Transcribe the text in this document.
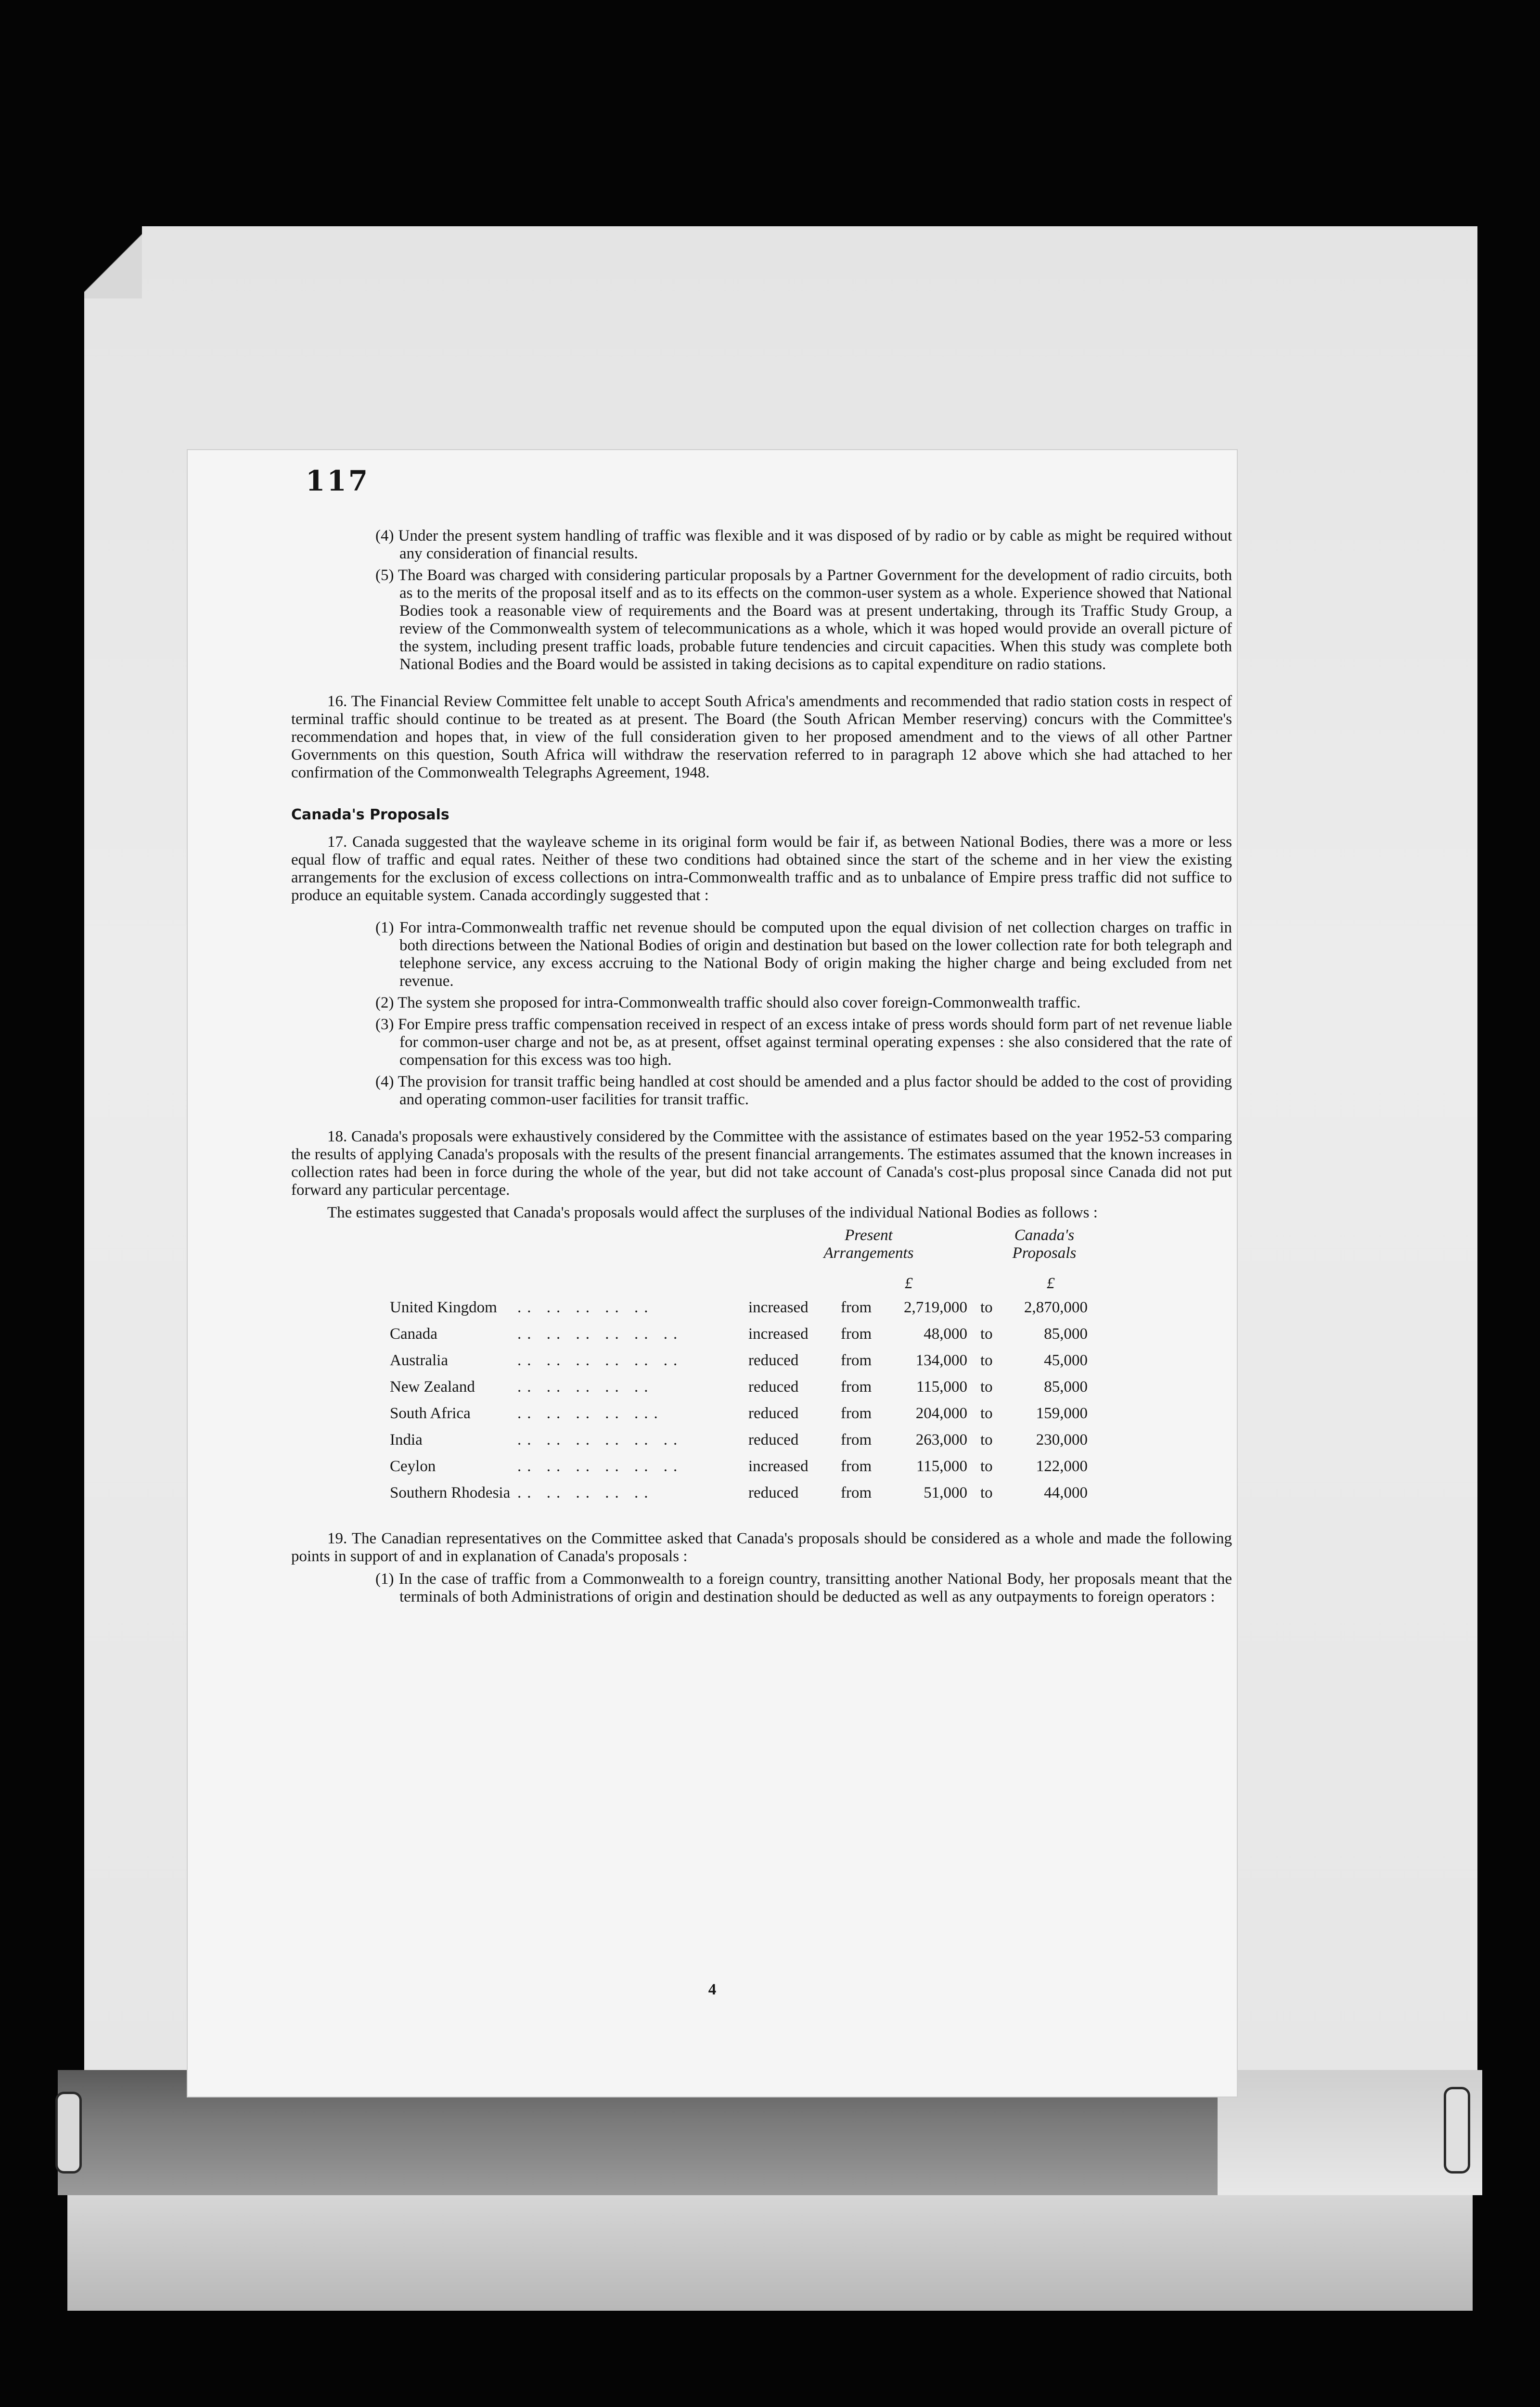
117
(4) Under the present system handling of traffic was flexible and it was disposed of by radio or by cable as might be required without any consideration of financial results.
(5) The Board was charged with considering particular proposals by a Partner Government for the development of radio circuits, both as to the merits of the proposal itself and as to its effects on the common-user system as a whole. Experience showed that National Bodies took a reasonable view of requirements and the Board was at present undertaking, through its Traffic Study Group, a review of the Commonwealth system of telecommunications as a whole, which it was hoped would provide an overall picture of the system, including present traffic loads, probable future tendencies and circuit capacities. When this study was complete both National Bodies and the Board would be assisted in taking decisions as to capital expenditure on radio stations.
16. The Financial Review Committee felt unable to accept South Africa's amendments and recommended that radio station costs in respect of terminal traffic should continue to be treated as at present. The Board (the South African Member reserving) concurs with the Committee's recommendation and hopes that, in view of the full consideration given to her proposed amendment and to the views of all other Partner Governments on this question, South Africa will withdraw the reservation referred to in paragraph 12 above which she had attached to her confirmation of the Commonwealth Telegraphs Agreement, 1948.
Canada's Proposals
17. Canada suggested that the wayleave scheme in its original form would be fair if, as between National Bodies, there was a more or less equal flow of traffic and equal rates. Neither of these two conditions had obtained since the start of the scheme and in her view the existing arrangements for the exclusion of excess collections on intra-Commonwealth traffic and as to unbalance of Empire press traffic did not suffice to produce an equitable system. Canada accordingly suggested that :
(1) For intra-Commonwealth traffic net revenue should be computed upon the equal division of net collection charges on traffic in both directions between the National Bodies of origin and destination but based on the lower collection rate for both telegraph and telephone service, any excess accruing to the National Body of origin making the higher charge and being excluded from net revenue.
(2) The system she proposed for intra-Commonwealth traffic should also cover foreign-Commonwealth traffic.
(3) For Empire press traffic compensation received in respect of an excess intake of press words should form part of net revenue liable for common-user charge and not be, as at present, offset against terminal operating expenses : she also considered that the rate of compensation for this excess was too high.
(4) The provision for transit traffic being handled at cost should be amended and a plus factor should be added to the cost of providing and operating common-user facilities for transit traffic.
18. Canada's proposals were exhaustively considered by the Committee with the assistance of estimates based on the year 1952-53 comparing the results of applying Canada's proposals with the results of the present financial arrangements. The estimates assumed that the known increases in collection rates had been in force during the whole of the year, but did not take account of Canada's cost-plus proposal since Canada did not put forward any particular percentage.
The estimates suggested that Canada's proposals would affect the surpluses of the individual National Bodies as follows :
Present Arrangements
Canada's Proposals
£	£
United Kingdom .. .. .. .. ..	increased from	2,719,000 to	2,870,000
Canada	.. .. .. .. .. ..	increased from	48,000 to	85,000
Australia	.. .. .. .. .. ..	reduced	from	134,000 to	45,000
New Zealand	.. .. .. .. ..	reduced	from	115,000 to	85,000
South Africa	.. .. .. .. ...	reduced	from	204,000 to	159,000
India	.. .. .. .. .. ..	reduced	from	263,000 to	230,000
Ceylon	.. .. .. .. .. ..	increased from	115,000 to	122,000
Southern Rhodesia .. .. .. .. ..	reduced	from	51,000 to	44,000
19. The Canadian representatives on the Committee asked that Canada's proposals should be considered as a whole and made the following points in support of and in explanation of Canada's proposals :
(1) In the case of traffic from a Commonwealth to a foreign country, transitting another National Body, her proposals meant that the terminals of both Administrations of origin and destination should be deducted as well as any outpayments to foreign operators :
4
